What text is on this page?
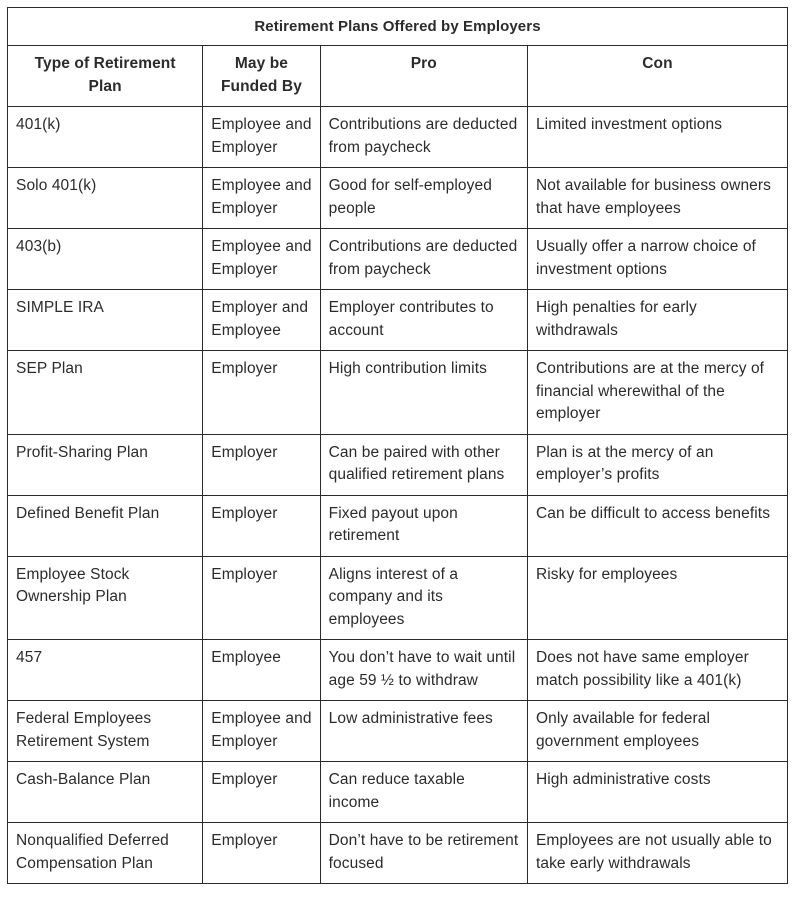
Retirement Plans Offered by Employers			
Type of Retirement Plan	May be Funded By	Pro	Con
401(k)	Employee and Employer	Contributions are deducted from paycheck	Limited investment options
Solo 401(k)	Employee and Employer	Good for self-employed people	Not available for business owners that have employees
403(b)	Employee and Employer	Contributions are deducted from paycheck	Usually offer a narrow choice of investment options
SIMPLE IRA	Employer and Employee	Employer contributes to account	High penalties for early withdrawals
SEP Plan	Employer	High contribution limits	Contributions are at the mercy of financial wherewithal of the employer
Profit-Sharing Plan	Employer	Can be paired with other qualified retirement plans	Plan is at the mercy of an employer’s profits
Defined Benefit Plan	Employer	Fixed payout upon retirement	Can be difficult to access benefits
Employee Stock Ownership Plan	Employer	Aligns interest of a company and its employees	Risky for employees
457	Employee	You don’t have to wait until age 59 ½ to withdraw	Does not have same employer match possibility like a 401(k)
Federal Employees Retirement System	Employee and Employer	Low administrative fees	Only available for federal government employees
Cash-Balance Plan	Employer	Can reduce taxable income	High administrative costs
Nonqualified Deferred Compensation Plan	Employer	Don’t have to be retirement focused	Employees are not usually able to take early withdrawals
